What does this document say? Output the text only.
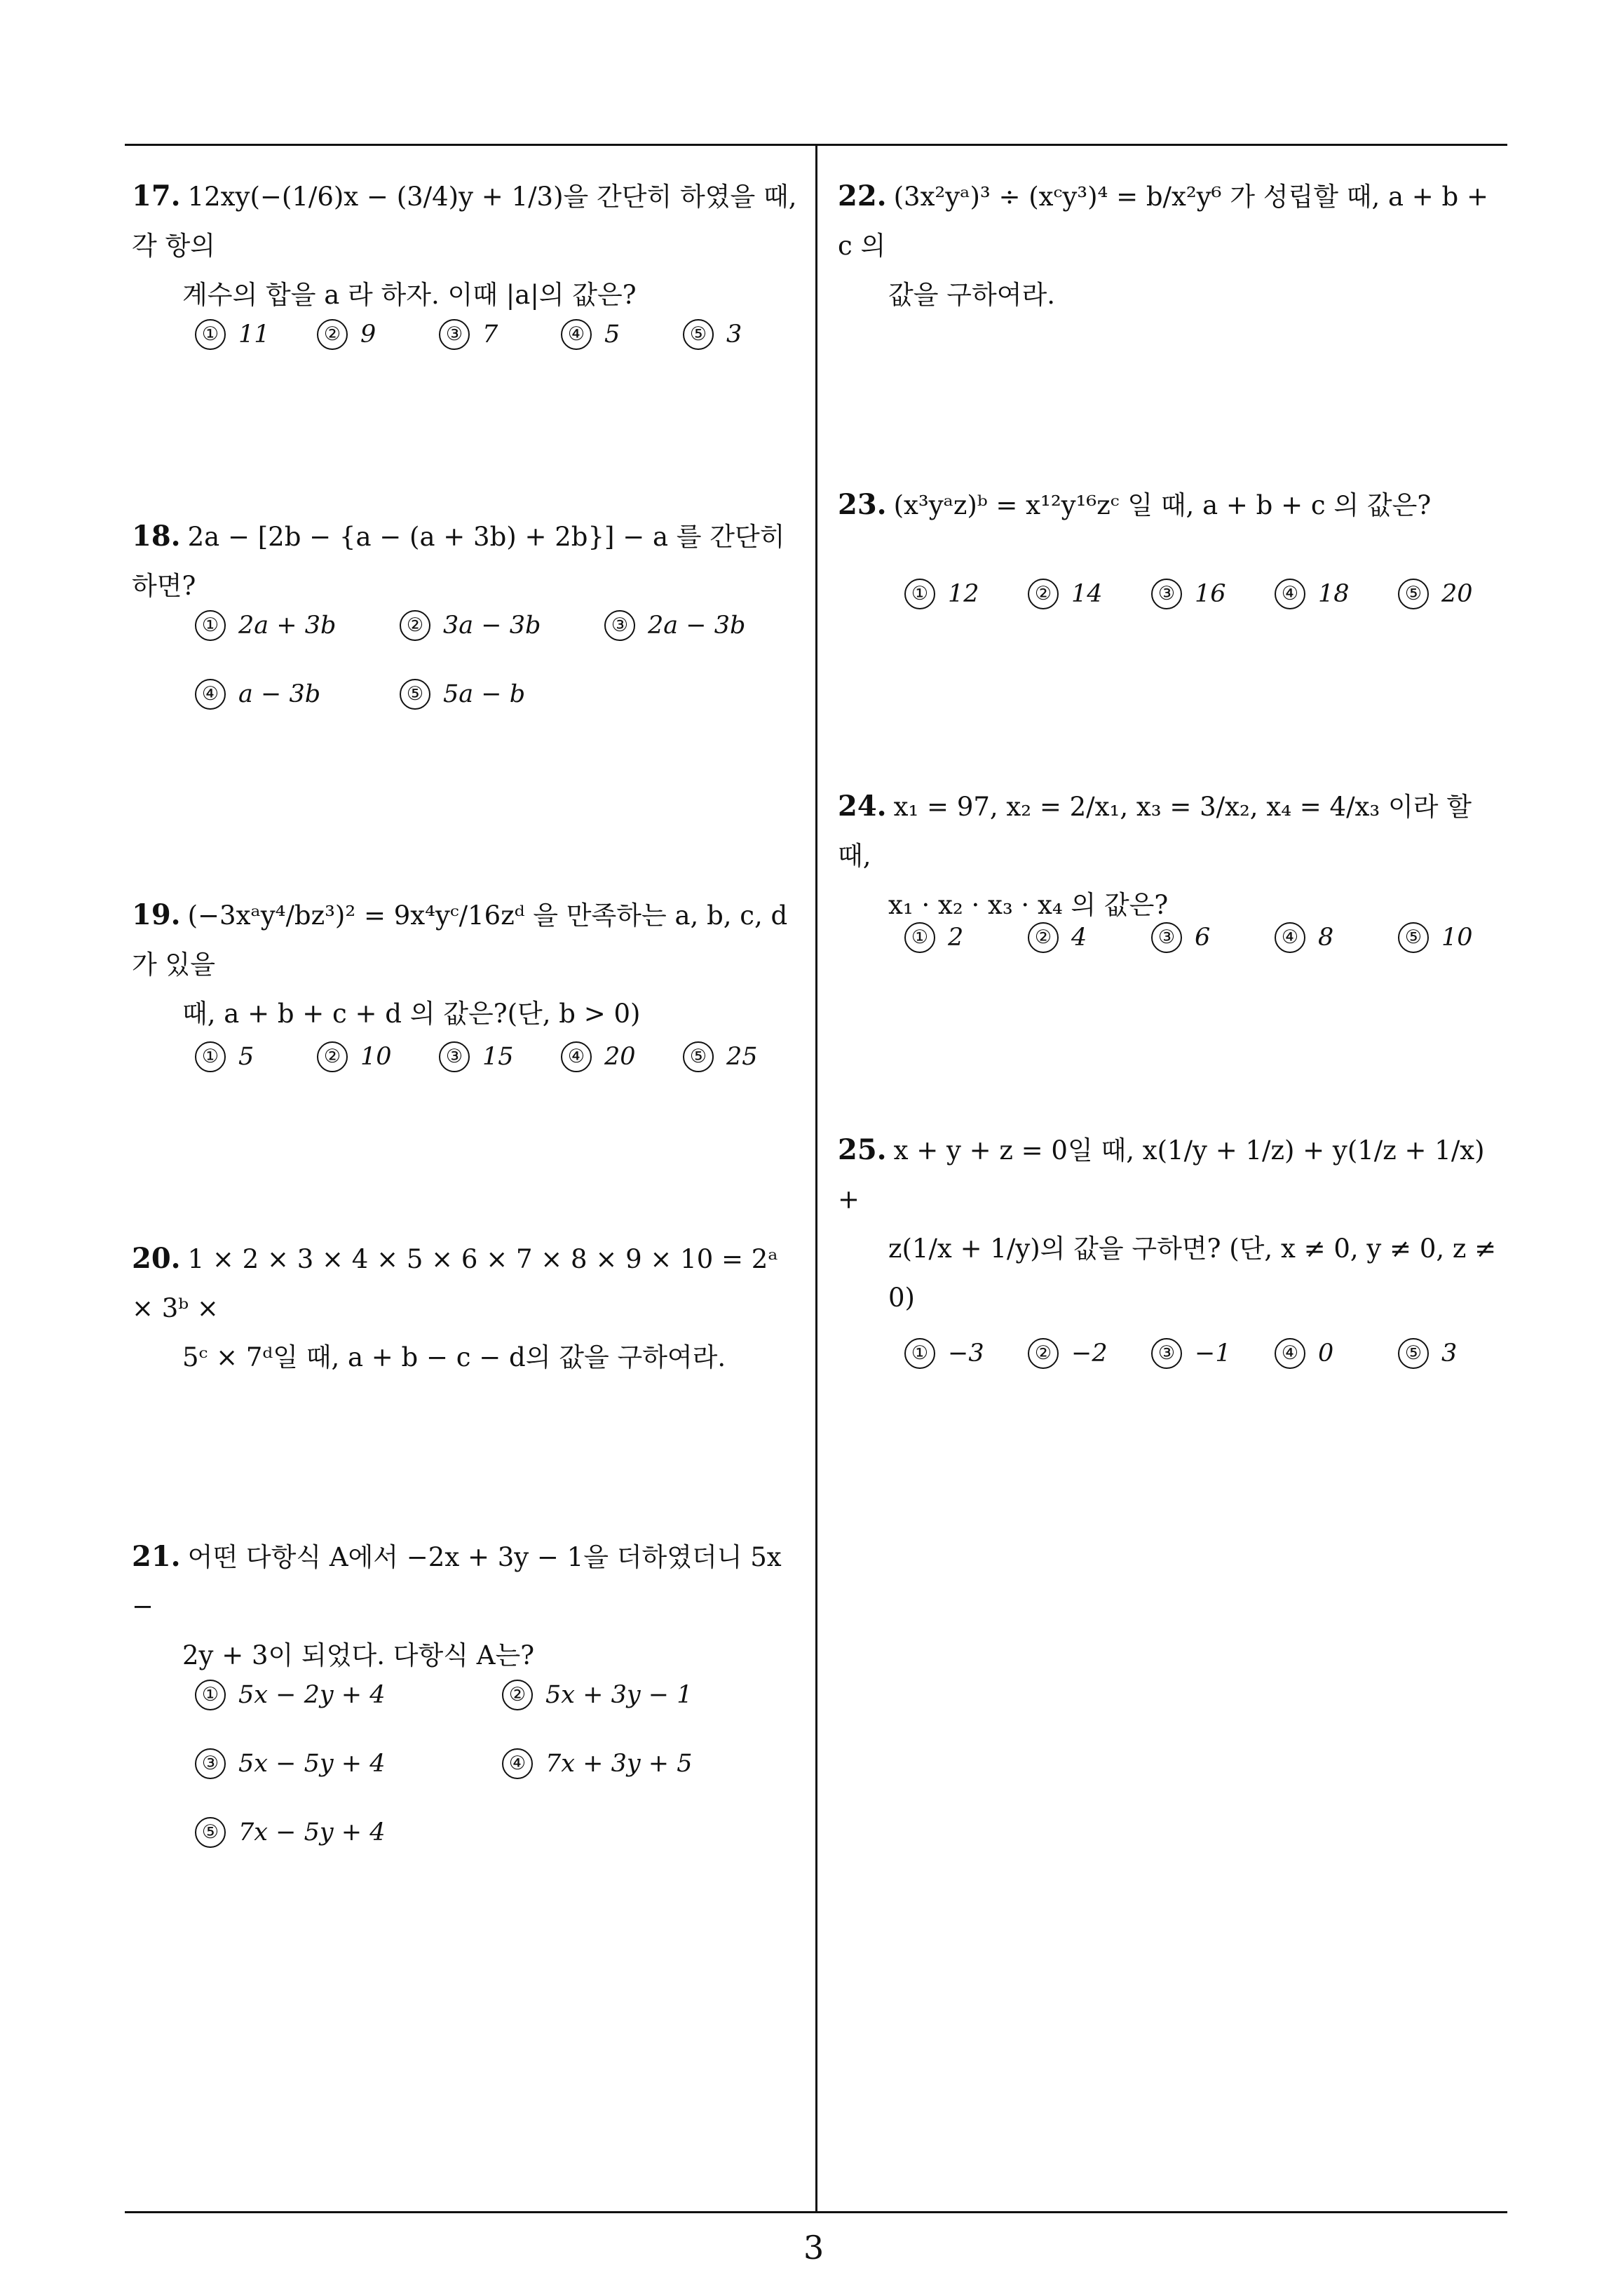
17. 12xy(−(1/6)x − (3/4)y + 1/3)을 간단히 하였을 때, 각 항의
계수의 합을 a 라 하자. 이때 |a|의 값은?
① 11	② 9	③ 7	④ 5	⑤ 3
18. 2a − [2b − {a − (a + 3b) + 2b}] − a 를 간단히 하면?
① 2a + 3b	② 3a − 3b	③ 2a − 3b
④ a − 3b	⑤ 5a − b
19. (−3xᵃy⁴/bz³)² = 9x⁴yᶜ/16zᵈ 을 만족하는 a, b, c, d 가 있을
때, a + b + c + d 의 값은?(단, b > 0)
① 5	② 10	③ 15	④ 20	⑤ 25
20. 1 × 2 × 3 × 4 × 5 × 6 × 7 × 8 × 9 × 10 = 2ᵃ × 3ᵇ ×
5ᶜ × 7ᵈ일 때, a + b − c − d의 값을 구하여라.
21. 어떤 다항식 A에서 −2x + 3y − 1을 더하였더니 5x −
2y + 3이 되었다. 다항식 A는?
① 5x − 2y + 4	② 5x + 3y − 1
③ 5x − 5y + 4	④ 7x + 3y + 5
⑤ 7x − 5y + 4
22. (3x²yᵃ)³ ÷ (xᶜy³)⁴ = b/x²y⁶ 가 성립할 때, a + b + c 의
값을 구하여라.
23. (x³yᵃz)ᵇ = x¹²y¹⁶zᶜ 일 때, a + b + c 의 값은?
① 12	② 14	③ 16	④ 18	⑤ 20
24. x₁ = 97, x₂ = 2/x₁, x₃ = 3/x₂, x₄ = 4/x₃ 이라 할 때,
x₁ · x₂ · x₃ · x₄ 의 값은?
① 2	② 4	③ 6	④ 8	⑤ 10
25. x + y + z = 0일 때, x(1/y + 1/z) + y(1/z + 1/x) +
z(1/x + 1/y)의 값을 구하면? (단, x ≠ 0, y ≠ 0, z ≠
0)
① −3	② −2	③ −1	④ 0	⑤ 3
3
